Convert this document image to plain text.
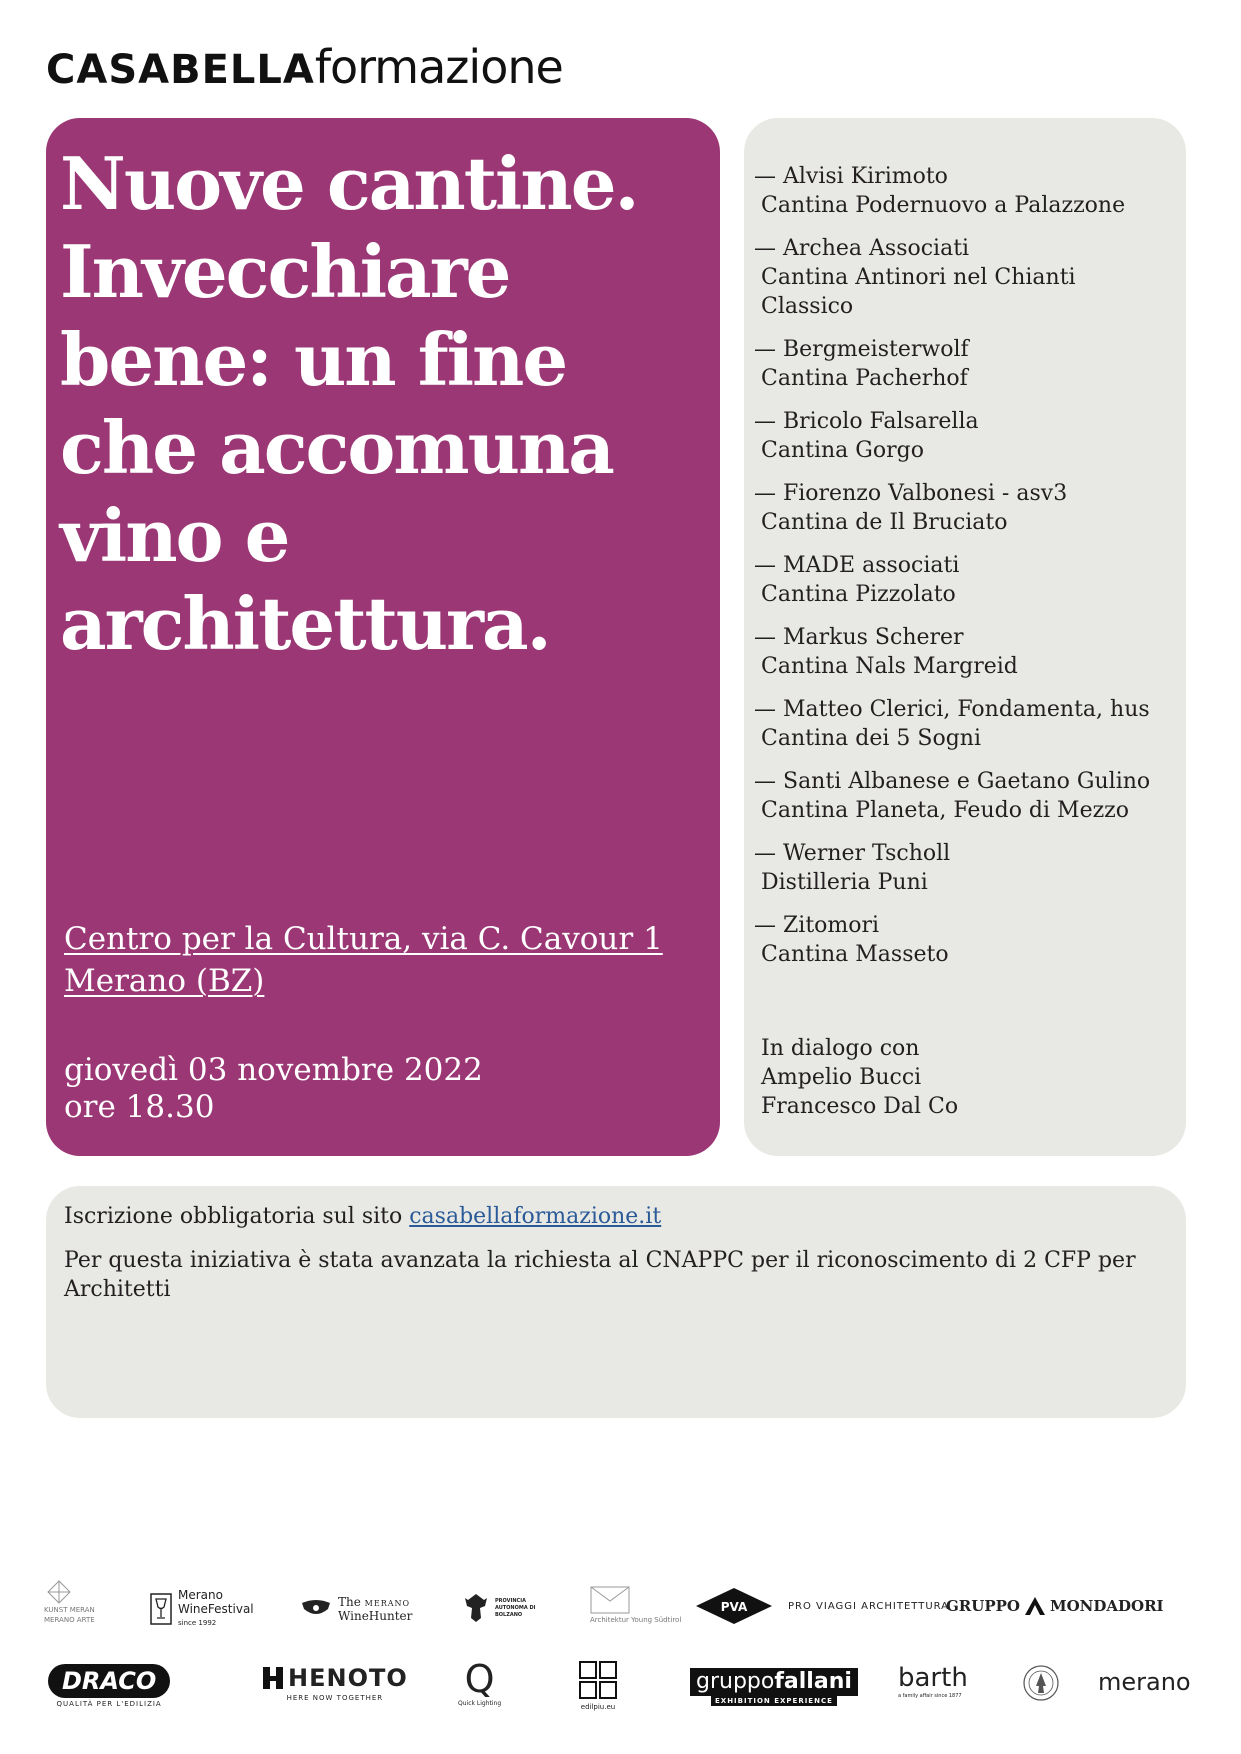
CASABELLA formazione
Nuove cantine.
Invecchiare
bene: un fine
che accomuna
vino e
architettura.
Centro per la Cultura, via C. Cavour 1
Merano (BZ)
giovedì 03 novembre 2022
ore 18.30
— Alvisi Kirimoto
Cantina Podernuovo a Palazzone
— Archea Associati
Cantina Antinori nel Chianti Classico
— Bergmeisterwolf
Cantina Pacherhof
— Bricolo Falsarella
Cantina Gorgo
— Fiorenzo Valbonesi - asv3
Cantina de Il Bruciato
— MADE associati
Cantina Pizzolato
— Markus Scherer
Cantina Nals Margreid
— Matteo Clerici, Fondamenta, hus
Cantina dei 5 Sogni
— Santi Albanese e Gaetano Gulino
Cantina Planeta, Feudo di Mezzo
— Werner Tscholl
Distilleria Puni
— Zitomori
Cantina Masseto
In dialogo con
Ampelio Bucci
Francesco Dal Co
Iscrizione obbligatoria sul sito casabellaformazione.it
Per questa iniziativa è stata avanzata la richiesta al CNAPPC per il riconoscimento di 2 CFP per Architetti
KUNST MERAN
MERANO ARTE
Merano
WineFestival
since 1992
The MERANO
WineHunter
PROVINCIA AUTONOMA DI BOLZANO
Architektur Young Südtirol
PVA	PRO VIAGGI ARCHITETTURA
GRUPPO MONDADORI
DRACO
QUALITÀ PER L'EDILIZIA
HENOTO
HERE NOW TOGETHER Q
Quick Lighting	edilpiu.eu
gruppofallani
EXHIBITION EXPERIENCE
barth
a family affair since 1877	merano
